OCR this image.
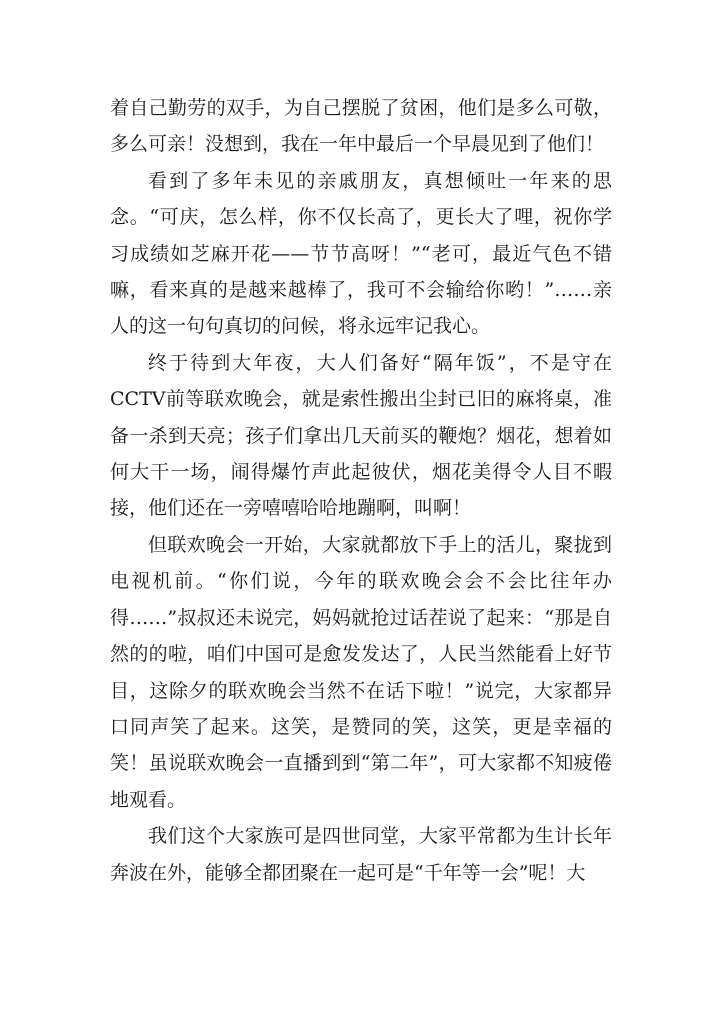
着自己勤劳的双手，为自己摆脱了贫困，他们是多么可敬，多么可亲！没想到，我在一年中最后一个早晨见到了他们！

看到了多年未见的亲戚朋友，真想倾吐一年来的思念。“可庆，怎么样，你不仅长高了，更长大了哩，祝你学习成绩如芝麻开花——节节高呀！”“老可，最近气色不错嘛，看来真的是越来越棒了，我可不会输给你哟！”……亲人的这一句句真切的问候，将永远牢记我心。

终于待到大年夜，大人们备好“隔年饭”，不是守在CCTV前等联欢晚会，就是索性搬出尘封已旧的麻将桌，准备一杀到天亮；孩子们拿出几天前买的鞭炮？烟花，想着如何大干一场，闹得爆竹声此起彼伏，烟花美得令人目不暇接，他们还在一旁嘻嘻哈哈地蹦啊，叫啊！

但联欢晚会一开始，大家就都放下手上的活儿，聚拢到电视机前。“你们说，今年的联欢晚会会不会比往年办得……”叔叔还未说完，妈妈就抢过话茬说了起来：“那是自然的的啦，咱们中国可是愈发发达了，人民当然能看上好节目，这除夕的联欢晚会当然不在话下啦！”说完，大家都异口同声笑了起来。这笑，是赞同的笑，这笑，更是幸福的笑！虽说联欢晚会一直播到到“第二年”，可大家都不知疲倦地观看。

我们这个大家族可是四世同堂，大家平常都为生计长年奔波在外，能够全都团聚在一起可是“千年等一会”呢！大
